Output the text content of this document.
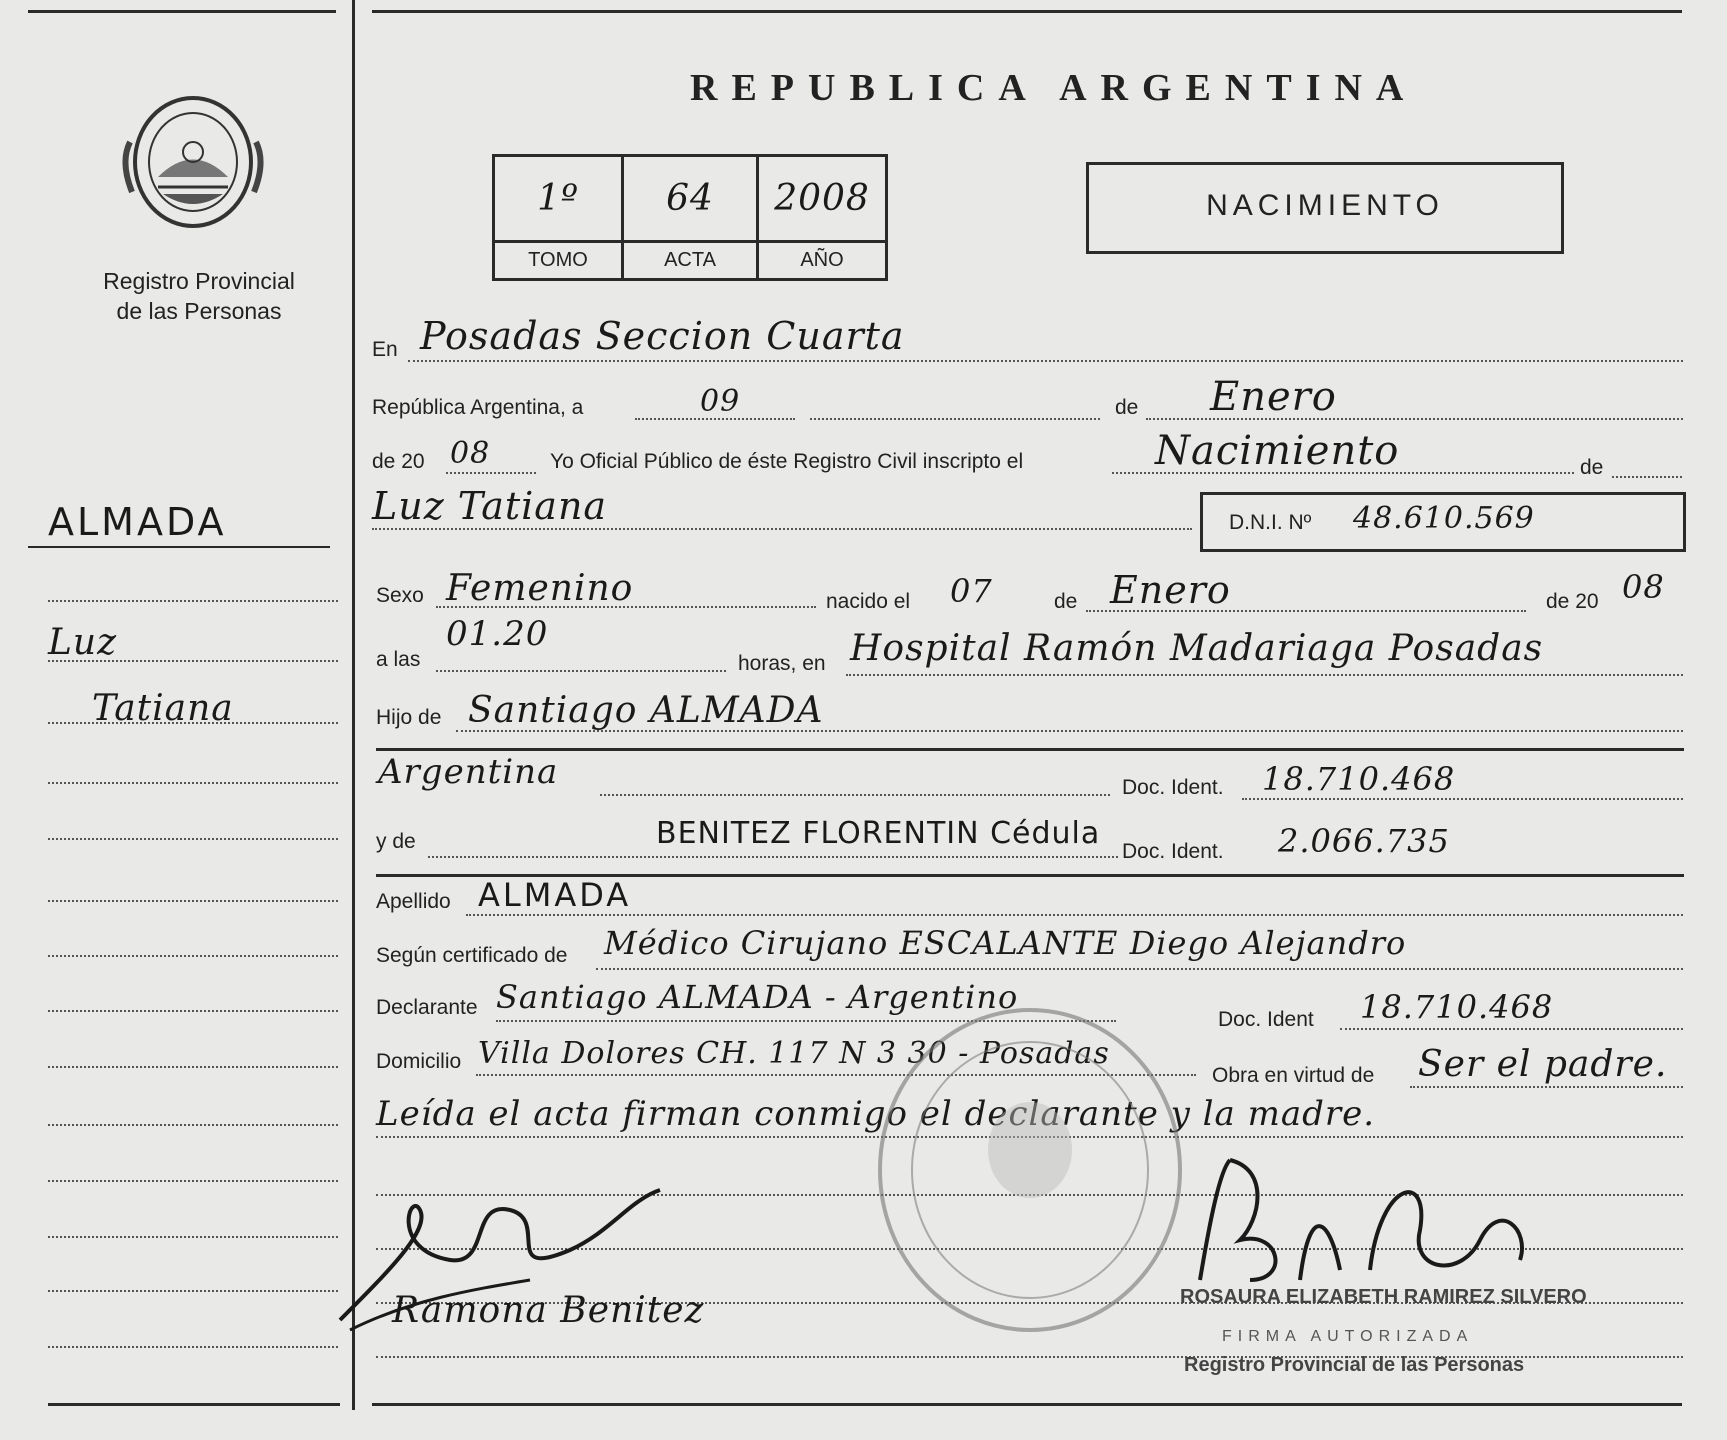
Registro Provincial
de las Personas
ALMADA
Luz
Tatiana
REPUBLICA ARGENTINA
1º	64	2008
TOMO	ACTA	AÑO
NACIMIENTO
En Posadas Seccion Cuarta
República Argentina, a	09	de Enero
de 20 08	Yo Oficial Público de éste Registro Civil inscripto el	Nacimiento	de
Luz Tatiana	D.N.I. Nº 48.610.569
Sexo Femenino	nacido el 07	de Enero	de 20 08
a las
01.20
horas, en Hospital Ramón Madariaga Posadas
Hijo de Santiago ALMADA
Argentina	Doc. Ident. 18.710.468
y de	BENITEZ FLORENTIN Cédula
Doc. Ident. 2.066.735
Apellido ALMADA
Según certificado de Médico Cirujano ESCALANTE Diego Alejandro
Declarante Santiago ALMADA - Argentino
Doc. Ident 18.710.468
Domicilio Villa Dolores CH. 117 N 3 30 - Posadas
Obra en virtud de Ser el padre.
Leída el acta firman conmigo el declarante y la madre.
Ramona Benitez	ROSAURA ELIZABETH RAMIREZ SILVERO
FIRMA AUTORIZADA
Registro Provincial de las Personas
